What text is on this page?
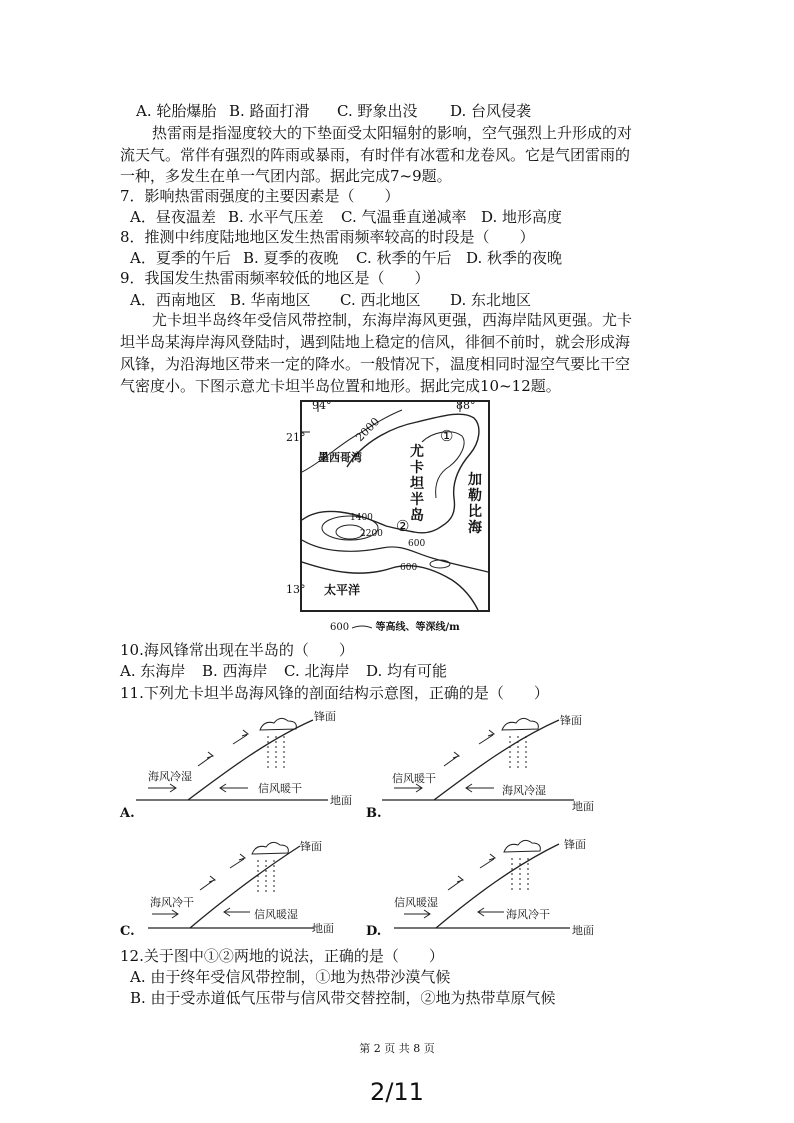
A. 轮胎爆胎 B. 路面打滑 C. 野象出没 D. 台风侵袭
热雷雨是指湿度较大的下垫面受太阳辐射的影响，空气强烈上升形成的对
流天气。常伴有强烈的阵雨或暴雨，有时伴有冰雹和龙卷风。它是气团雷雨的
一种，多发生在单一气团内部。据此完成7~9题。
7．影响热雷雨强度的主要因素是（　　）
A．昼夜温差 B. 水平气压差 C. 气温垂直递减率 D. 地形高度
8．推测中纬度陆地地区发生热雷雨频率较高的时段是（　　）
A．夏季的午后 B. 夏季的夜晚 C. 秋季的午后 D. 秋季的夜晚
9．我国发生热雷雨频率较低的地区是（　　）
A．西南地区 B. 华南地区 C. 西北地区 D. 东北地区
尤卡坦半岛终年受信风带控制，东海岸海风更强，西海岸陆风更强。尤卡
坦半岛某海岸海风登陆时，遇到陆地上稳定的信风，徘徊不前时，就会形成海
风锋，为沿海地区带来一定的降水。一般情况下，温度相同时湿空气要比干空
气密度小。下图示意尤卡坦半岛位置和地形。据此完成10~12题。
94°	88°
21°
13°
2000
1400
2200
600
600
墨西哥湾	尤卡坦半岛
加勒比海
太平洋
①
②
600	等高线、等深线/m
10.海风锋常出现在半岛的（　　）
A. 东海岸 B. 西海岸 C. 北海岸 D. 均有可能
11.下列尤卡坦半岛海风锋的剖面结构示意图，正确的是（　　）
锋面
海风冷湿
信风暖干
地面
A.
锋面
信风暖干
海风冷湿
地面
B.
锋面
海风冷干
信风暖湿
地面
C.
锋面
信风暖湿
海风冷干
地面
D.
12.关于图中①②两地的说法，正确的是（　　）
A. 由于终年受信风带控制，①地为热带沙漠气候
B. 由于受赤道低气压带与信风带交替控制，②地为热带草原气候
第 2 页 共 8 页
2/11
